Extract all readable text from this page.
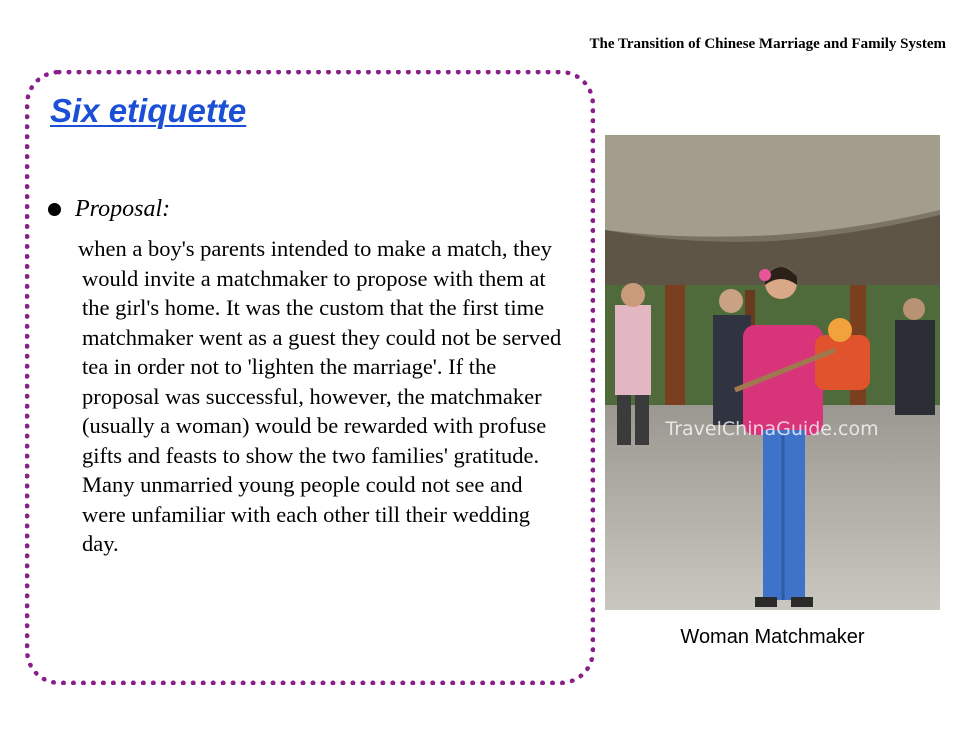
The Transition of Chinese Marriage and Family System
Six etiquette
Proposal:

when a boy's parents intended to make a match, they would invite a matchmaker to propose with them at the girl's home. It was the custom that the first time matchmaker went as a guest they could not be served tea in order not to 'lighten the marriage'. If the proposal was successful, however, the matchmaker (usually a woman) would be rewarded with profuse gifts and feasts to show the two families' gratitude. Many unmarried young people could not see and were unfamiliar with each other till their wedding day.

TravelChinaGuide.com
Woman Matchmaker
